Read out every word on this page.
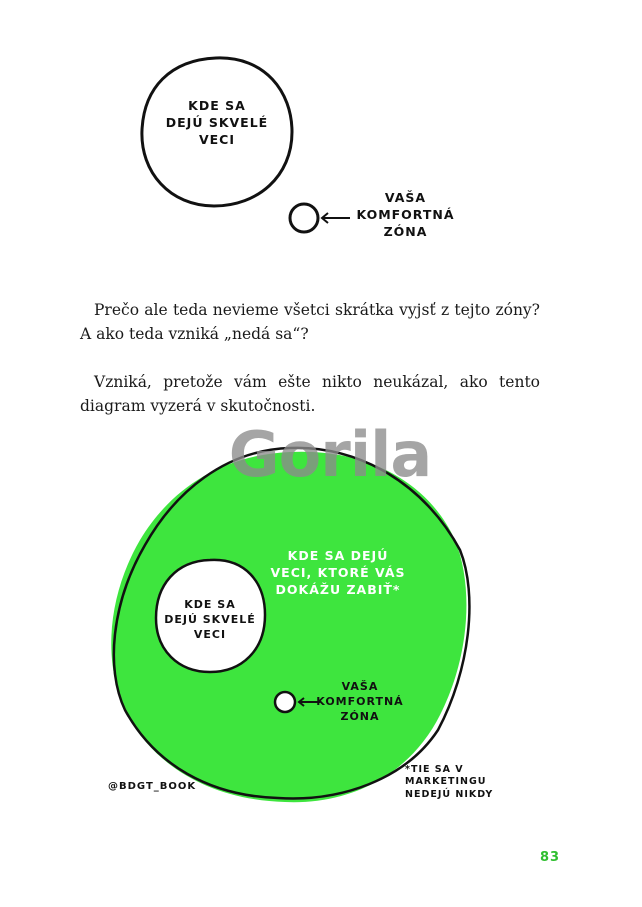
KDE SA
DEJÚ SKVELÉ
VECI
VAŠA
KOMFORTNÁ
ZÓNA

Prečo ale teda nevieme všetci skrátka vyjsť z tejto zóny? A ako teda vzniká „nedá sa“?

Vzniká, pretože vám ešte nikto neukázal, ako tento diagram vyzerá v skutočnosti.

Gorila
KDE SA DEJÚ
VECI, KTORÉ VÁS
DOKÁŽU ZABIŤ*
KDE SA
DEJÚ SKVELÉ
VECI
VAŠA
KOMFORTNÁ
ZÓNA
@BDGT_BOOK
*TIE SA V
MARKETINGU
NEDEJÚ NIKDY
83
